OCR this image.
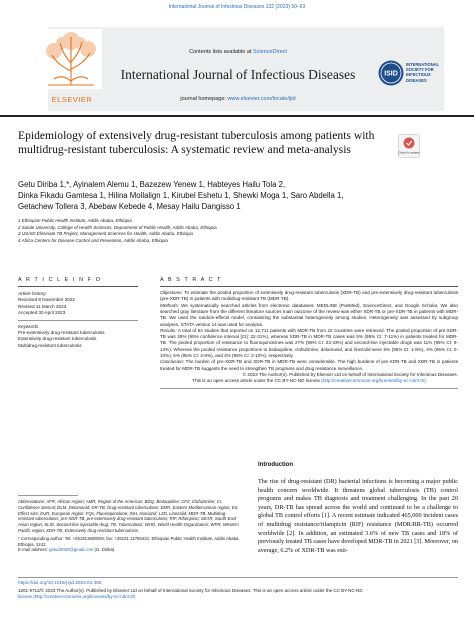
International Journal of Infectious Diseases 132 (2023) 50–63
ELSEVIER
Contents lists available at ScienceDirect
International Journal of Infectious Diseases
journal homepage: www.elsevier.com/locate/ijid
ISID
INTERNATIONAL SOCIETY FOR INFECTIOUS DISEASES
Epidemiology of extensively drug-resistant tuberculosis among patients with multidrug-resistant tuberculosis: A systematic review and meta-analysis	Check for updates
Getu Diriba 1,*, Ayinalem Alemu 1, Bazezew Yenew 1, Habteyes Hailu Tola 2,
Dinka Fikadu Gamtesa 1, Hilina Mollalign 1, Kirubel Eshetu 1, Shewki Moga 1, Saro Abdella 1,
Getachew Tollera 3, Abebaw Kebede 4, Mesay Hailu Dangisso 1
1 Ethiopian Public Health Institute, Addis Ababa, Ethiopia
2 Salale University, College of Health Sciences, Department of Public Health, Addis Ababa, Ethiopia
3 USAID Eliminate TB Project, Management Sciences for Health, Addis Ababa, Ethiopia
4 Africa Centers for Disease Control and Prevention, Addis Ababa, Ethiopia
A R T I C L E I N F O
Article history:
Received 8 November 2022
Revised 11 March 2023
Accepted 30 April 2023
Keywords:
Pre-extensively drug-resistant tuberculosis
Extensively drug-resistant tuberculosis
Multidrug-resistant tuberculosis
A B S T R A C T

Objectives: To estimate the pooled proportion of extensively drug-resistant tuberculosis (XDR-TB) and pre-extensively drug-resistant tuberculosis (pre-XDR-TB) in patients with multidrug-resistant TB (MDR-TB).

Methods: We systematically searched articles from electronic databases: MEDLINE (PubMed), ScienceDirect, and Google Scholar. We also searched gray literature from the different literature sources main outcome of the review was either XDR-TB or pre-XDR-TB in patients with MDR-TB. We used the random-effects model, considering the substantial heterogeneity among studies. Heterogeneity was assessed by subgroup analyses. STATA version 14 was used for analysis.

Results: A total of 64 studies that reported on 12,711 patients with MDR-TB from 22 countries were retrieved. The pooled proportion of pre-XDR-TB was 26% (95% confidence interval [CI]: 22-31%), whereas XDR-TB in MDR-TB cases was 9% (95% CI: 7-11%) in patients treated for MDR-TB. The pooled proportion of resistance to fluoroquinolones was 27% (95% CI: 23-33%) and second-line injectable drugs was 11% (95% CI: 9-13%). Whereas the pooled resistance proportions to bedaquiline, clofazimine, delamanid, and linezolid were 5% (95% CI: 1-8%), 4% (95% CI: 0-10%), 5% (95% CI: 2-8%), and 4% (95% CI: 2-10%), respectively.

Conclusion: The burden of pre-XDR-TB and XDR-TB in MDR-TB were considerable. The high burdens of pre-XDR-TB and XDR-TB in patients treated for MDR-TB suggests the need to strengthen TB programs and drug resistance surveillance.

© 2023 The Author(s). Published by Elsevier Ltd on behalf of International Society for Infectious Diseases.

This is an open access article under the CC BY-NC-ND license (http://creativecommons.org/licenses/by-nc-nd/4.0/)

Introduction
The rise of drug-resistant (DR) bacterial infections is becoming a major public health concern worldwide. It threatens global tuberculosis (TB) control programs and makes TB diagnosis and treatment challenging. In the past 20 years, DR-TB has spread across the world and continued to be a challenge to global TB control efforts [1]. A recent estimate indicated 465,000 incident cases of multidrug resistance/rifampicin (RIF) resistance (MDR/RR-TB) occurred worldwide [2]. In addition, an estimated 3.6% of new TB cases and 18% of previously treated TB cases have developed MDR-TB in 2021 [3]. Moreover, on average, 6.2% of XDR-TB was esti-

Abbreviations: AFR, African region; AMR, Region of the Americas; BDQ, Bedaquiline; CFZ, Clofazimine; CI, Confidence interval; DLM, Delamanid; DR-TB, Drug-resistant tuberculosis; EMR, Eastern Mediterranean region; ES, Effect size; EUR, European region; FQs, Fluoroquinolone; INH, Isoniazid; LZD, Linezolid; MDR-TB, Multidrug-resistant tuberculosis; pre-XDR-TB, pre-extensively drug-resistant tuberculosis; RIF, Rifampicin; SEAR, South-East Asian region; SLID, Second-line injectable drug; TB, Tuberculosis; WHO, World Health Organization; WPR, Western Pacific region; XDR-TB, Extensively drug-resistant tuberculosis.

* Corresponding author: Tel: +251913828029; fax: +25101 12780431: Ethiopian Public Health Institute, Addis Ababa, Ethiopia, 1242.

E-mail address: getud2020@gmail.com (G. Diriba).

https://doi.org/10.1016/j.ijid.2023.04.392
1201-9712/© 2023 The Author(s). Published by Elsevier Ltd on behalf of International Society for Infectious Diseases. This is an open access article under the CC BY-NC-ND
license (http://creativecommons.org/licenses/by-nc-nd/4.0/)
